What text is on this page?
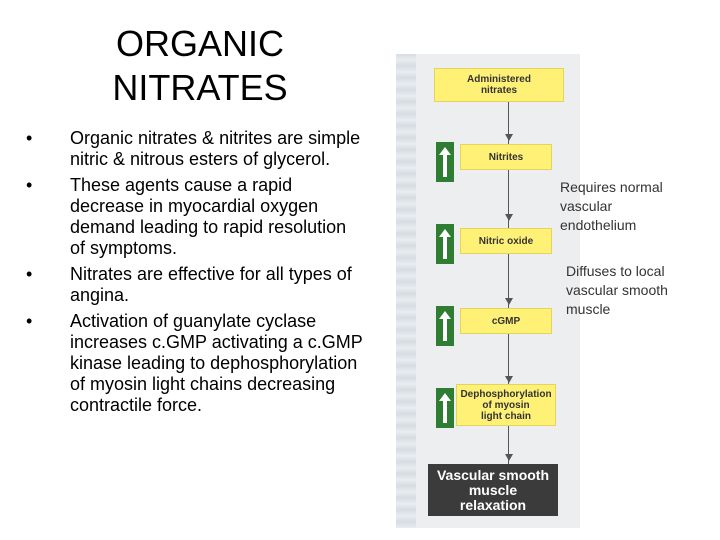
ORGANIC
NITRATES
• Organic nitrates & nitrites are simple nitric & nitrous esters of glycerol.
• These agents cause a rapid decrease in myocardial oxygen demand leading to rapid resolution of symptoms.
• Nitrates are effective for all types of angina.
• Activation of guanylate cyclase increases c.GMP activating a c.GMP kinase leading to dephosphorylation of myosin light chains decreasing contractile force.
Administered
nitrates
Nitrites
Nitric oxide
cGMP
Dephosphorylation
of myosin
light chain
Vascular smooth
muscle
relaxation
Requires normal
vascular
endothelium
Diffuses to local
vascular smooth
muscle
